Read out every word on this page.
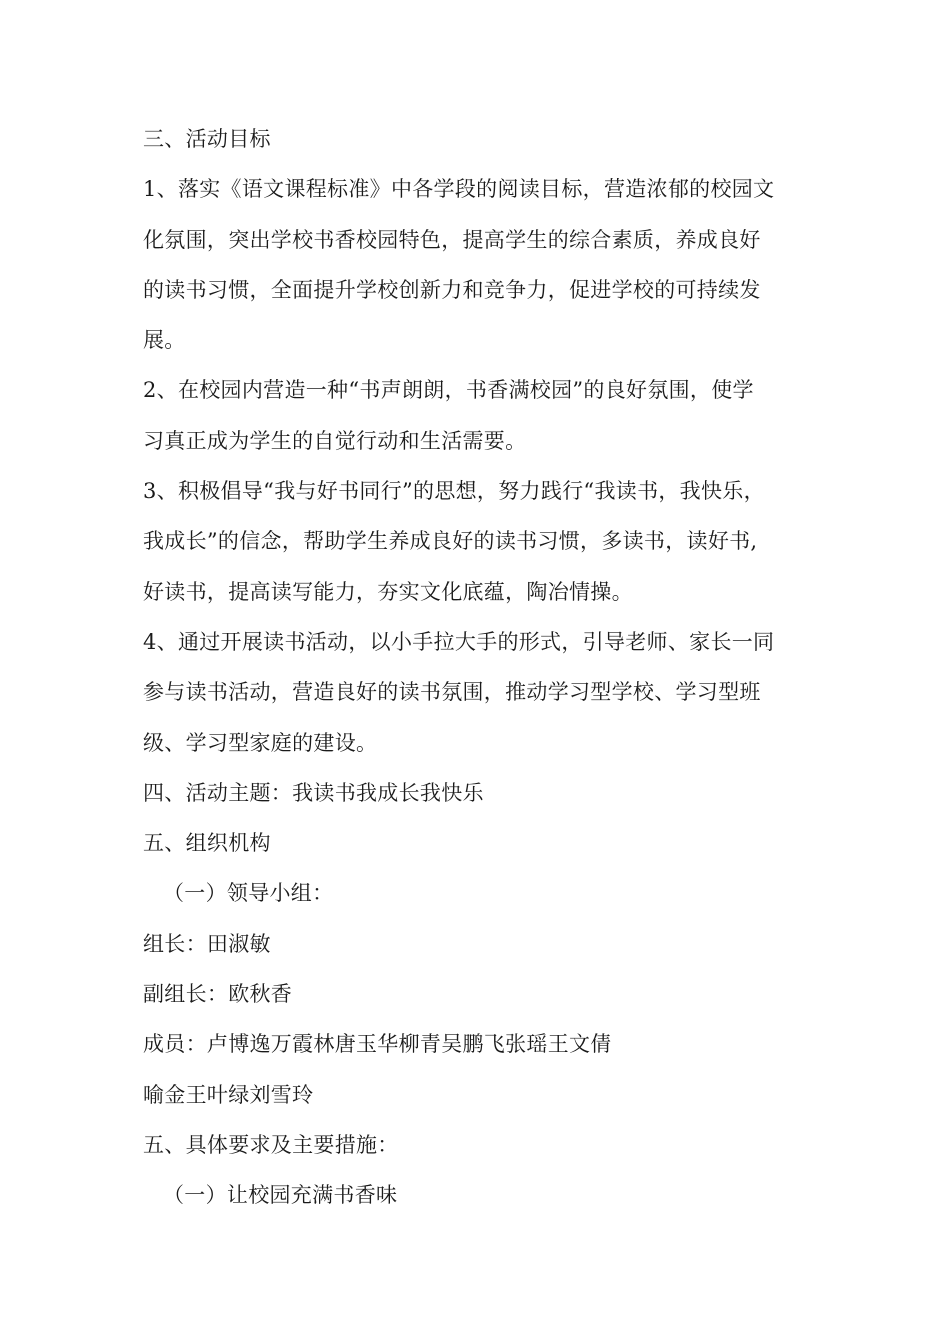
三、活动目标
1、落实《语文课程标准》中各学段的阅读目标，营造浓郁的校园文
化氛围，突出学校书香校园特色，提高学生的综合素质，养成良好
的读书习惯，全面提升学校创新力和竞争力，促进学校的可持续发
展。
2、在校园内营造一种“书声朗朗，书香满校园”的良好氛围，使学
习真正成为学生的自觉行动和生活需要。
3、积极倡导“我与好书同行”的思想，努力践行“我读书，我快乐，
我成长”的信念，帮助学生养成良好的读书习惯，多读书，读好书,
好读书，提高读写能力，夯实文化底蕴，陶冶情操。
4、通过开展读书活动，以小手拉大手的形式，引导老师、家长一同
参与读书活动，营造良好的读书氛围，推动学习型学校、学习型班
级、学习型家庭的建设。
四、活动主题：我读书我成长我快乐
五、组织机构
（一）领导小组：
组长：田淑敏
副组长：欧秋香
成员：卢博逸万霞林唐玉华柳青吴鹏飞张瑶王文倩
喻金王叶绿刘雪玲
五、具体要求及主要措施：
（一）让校园充满书香味
